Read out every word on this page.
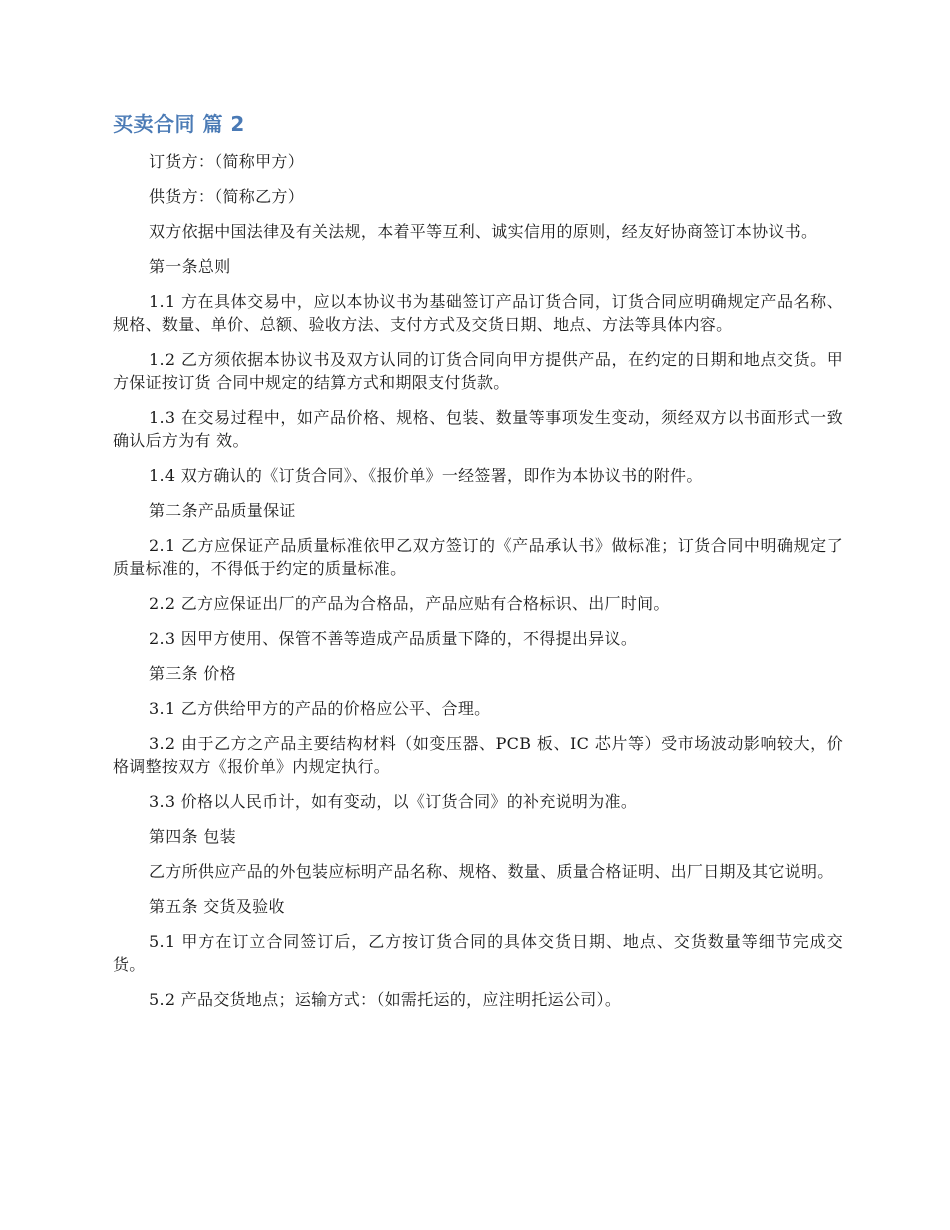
买卖合同 篇 2

订货方：（简称甲方）

供货方：（简称乙方）

双方依据中国法律及有关法规，本着平等互利、诚实信用的原则，经友好协商签订本协议书。

第一条总则

1.1 方在具体交易中，应以本协议书为基础签订产品订货合同，订货合同应明确规定产品名称、规格、数量、单价、总额、验收方法、支付方式及交货日期、地点、方法等具体内容。

1.2 乙方须依据本协议书及双方认同的订货合同向甲方提供产品，在约定的日期和地点交货。甲方保证按订货 合同中规定的结算方式和期限支付货款。

1.3 在交易过程中，如产品价格、规格、包装、数量等事项发生变动，须经双方以书面形式一致确认后方为有 效。

1.4 双方确认的《订货合同》、《报价单》一经签署，即作为本协议书的附件。

第二条产品质量保证

2.1 乙方应保证产品质量标准依甲乙双方签订的《产品承认书》做标准；订货合同中明确规定了质量标准的，不得低于约定的质量标准。

2.2 乙方应保证出厂的产品为合格品，产品应贴有合格标识、出厂时间。

2.3 因甲方使用、保管不善等造成产品质量下降的，不得提出异议。

第三条 价格

3.1 乙方供给甲方的产品的价格应公平、合理。

3.2 由于乙方之产品主要结构材料（如变压器、PCB 板、IC 芯片等）受市场波动影响较大，价格调整按双方《报价单》内规定执行。

3.3 价格以人民币计，如有变动，以《订货合同》的补充说明为准。

第四条 包装

乙方所供应产品的外包装应标明产品名称、规格、数量、质量合格证明、出厂日期及其它说明。

第五条 交货及验收

5.1 甲方在订立合同签订后，乙方按订货合同的具体交货日期、地点、交货数量等细节完成交货。

5.2 产品交货地点；运输方式：（如需托运的，应注明托运公司）。
